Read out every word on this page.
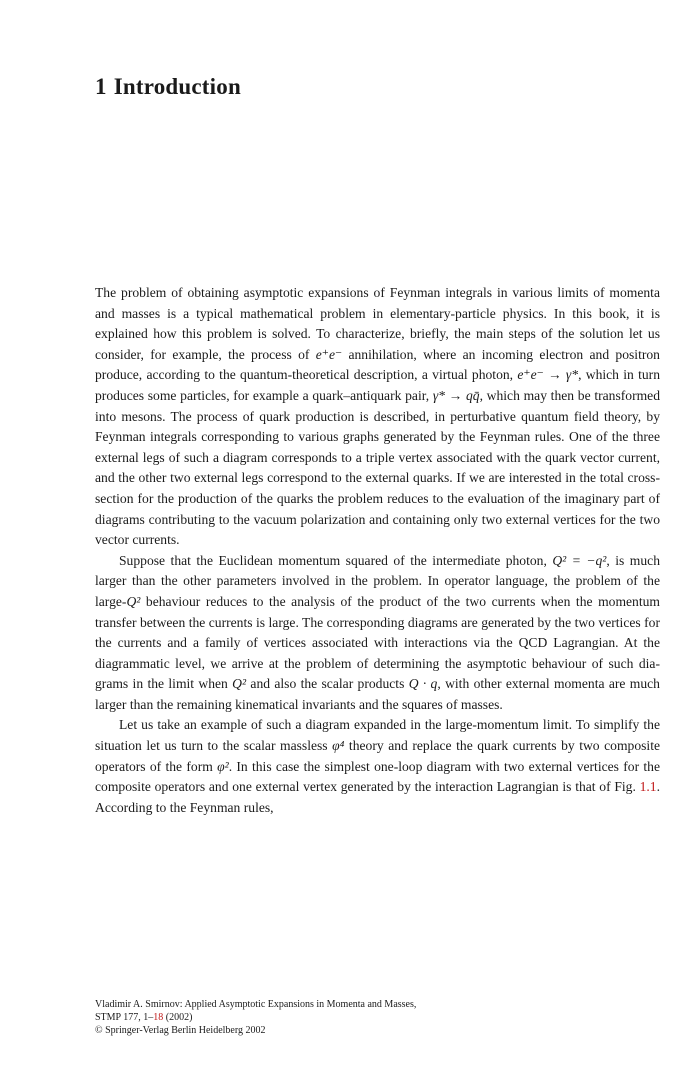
1 Introduction

The problem of obtaining asymptotic expansions of Feynman integrals in various limits of momenta and masses is a typical mathematical problem in elementary-particle physics. In this book, it is explained how this problem is solved. To characterize, briefly, the main steps of the solution let us consider, for example, the process of e⁺e⁻ annihilation, where an incoming electron and positron produce, according to the quantum-theoretical description, a virtual photon, e⁺e⁻ → γ*, which in turn produces some particles, for example a quark–antiquark pair, γ* → qq̄, which may then be transformed into mesons. The process of quark production is described, in perturbative quantum field theory, by Feynman integrals corresponding to various graphs generated by the Feynman rules. One of the three external legs of such a diagram corresponds to a triple vertex associated with the quark vector current, and the other two external legs correspond to the external quarks. If we are interested in the total cross-section for the production of the quarks the problem reduces to the evaluation of the imaginary part of diagrams contributing to the vacuum polarization and containing only two external vertices for the two vector currents.

Suppose that the Euclidean momentum squared of the intermediate photon, Q² = −q², is much larger than the other parameters involved in the problem. In operator language, the problem of the large-Q² behaviour reduces to the analysis of the product of the two currents when the momentum transfer between the currents is large. The corresponding diagrams are generated by the two vertices for the currents and a family of vertices associated with interactions via the QCD Lagrangian. At the diagrammatic level, we arrive at the problem of determining the asymptotic behaviour of such diagrams in the limit when Q² and also the scalar products Q · q, with other external momenta are much larger than the remaining kinematical invariants and the squares of masses.

Let us take an example of such a diagram expanded in the large-momentum limit. To simplify the situation let us turn to the scalar massless φ⁴ theory and replace the quark currents by two composite operators of the form φ². In this case the simplest one-loop diagram with two external vertices for the composite operators and one external vertex generated by the interaction Lagrangian is that of Fig. 1.1. According to the Feynman rules,

Vladimir A. Smirnov: Applied Asymptotic Expansions in Momenta and Masses,
STMP 177, 1–18 (2002)
© Springer-Verlag Berlin Heidelberg 2002
